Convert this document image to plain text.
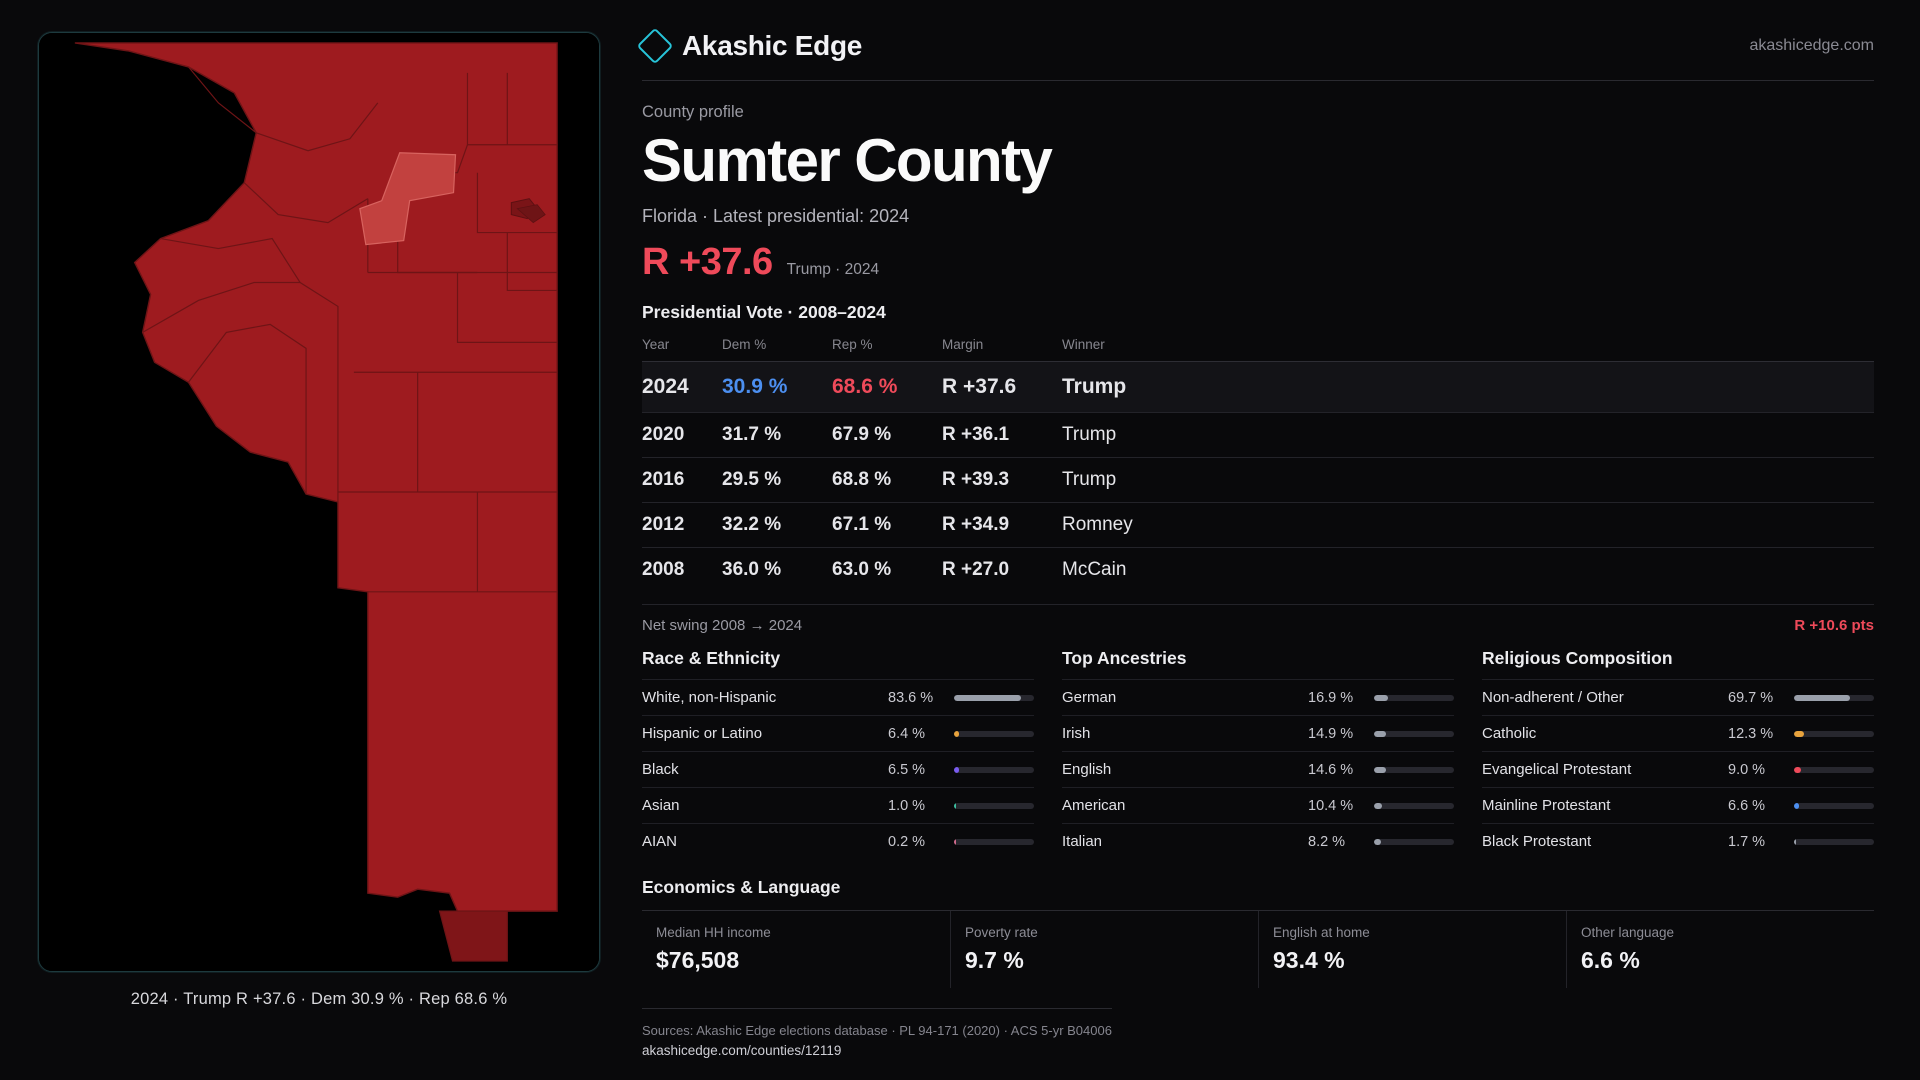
2024 · Trump R +37.6 · Dem 30.9 % · Rep 68.6 %
Akashic Edge	akashicedge.com
County profile
Sumter County
Florida · Latest presidential: 2024
R +37.6 Trump · 2024
Presidential Vote · 2008–2024
Year	Dem %	Rep %	Margin	Winner
2024	30.9 %	68.6 %	R +37.6	Trump
2020	31.7 %	67.9 %	R +36.1	Trump
2016	29.5 %	68.8 %	R +39.3	Trump
2012	32.2 %	67.1 %	R +34.9	Romney
2008	36.0 %	63.0 %	R +27.0	McCain
Net swing 2008 → 2024	R +10.6 pts
Race & Ethnicity
White, non-Hispanic	83.6 %
Hispanic or Latino	6.4 %
Black	6.5 %
Asian	1.0 %
AIAN	0.2 %
Top Ancestries
German	16.9 %
Irish	14.9 %
English	14.6 %
American	10.4 %
Italian	8.2 %
Religious Composition
Non-adherent / Other	69.7 %
Catholic	12.3 %
Evangelical Protestant	9.0 %
Mainline Protestant	6.6 %
Black Protestant	1.7 %
Economics & Language
Median HH income
$76,508
Poverty rate
9.7 %
English at home
93.4 %
Other language
6.6 %
Sources: Akashic Edge elections database · PL 94-171 (2020) · ACS 5-yr B04006
akashicedge.com/counties/12119
